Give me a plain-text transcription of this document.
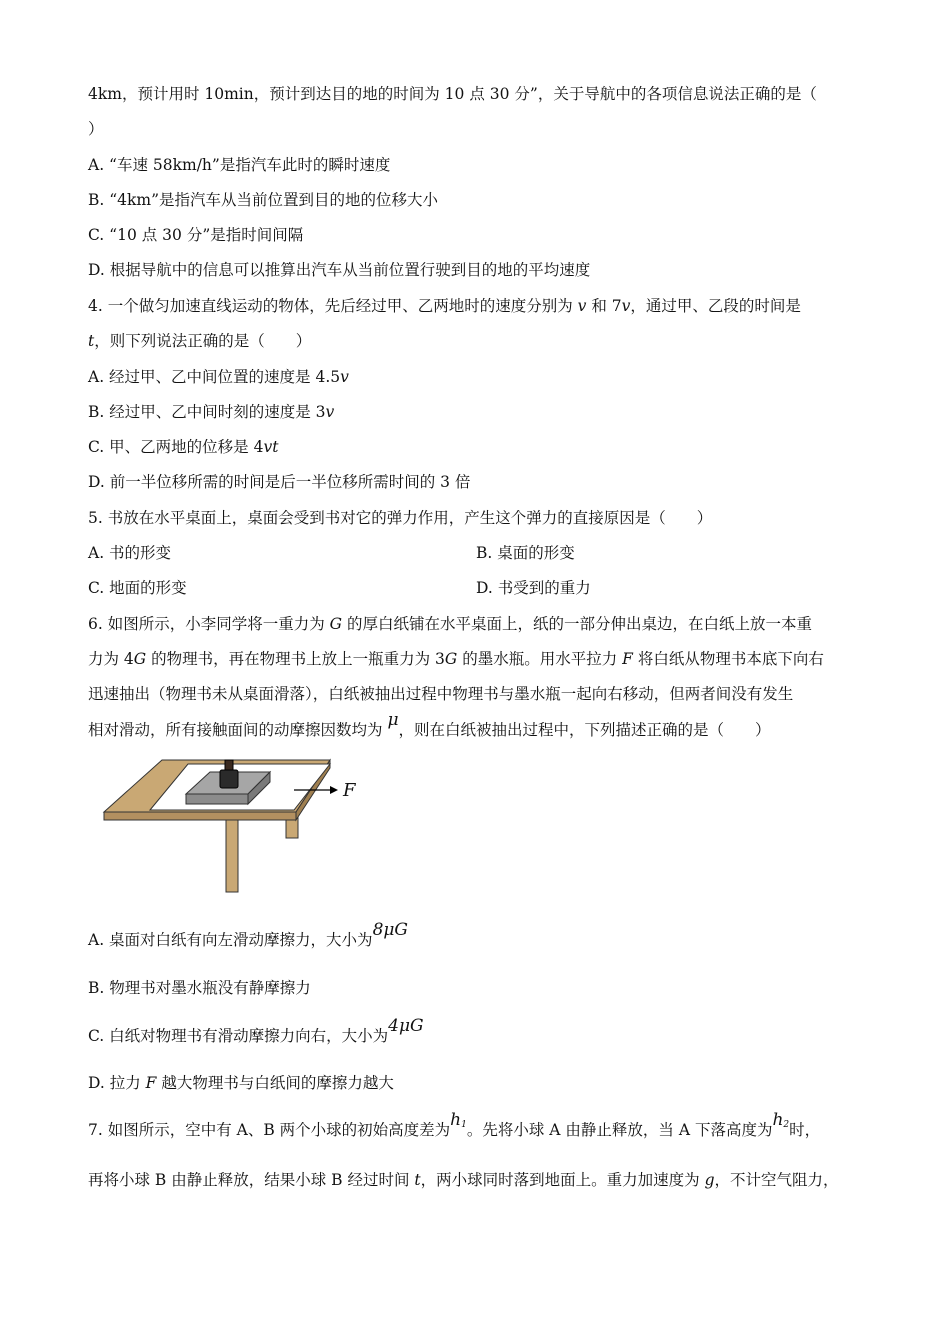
4km，预计用时 10min，预计到达目的地的时间为 10 点 30 分”，关于导航中的各项信息说法正确的是（
）
A. “车速 58km/h”是指汽车此时的瞬时速度
B. “4km”是指汽车从当前位置到目的地的位移大小
C. “10 点 30 分”是指时间间隔
D. 根据导航中的信息可以推算出汽车从当前位置行驶到目的地的平均速度
4. 一个做匀加速直线运动的物体，先后经过甲、乙两地时的速度分别为 v 和 7v，通过甲、乙段的时间是
t，则下列说法正确的是（　　）
A. 经过甲、乙中间位置的速度是 4.5v
B. 经过甲、乙中间时刻的速度是 3v
C. 甲、乙两地的位移是 4vt
D. 前一半位移所需的时间是后一半位移所需时间的 3 倍
5. 书放在水平桌面上，桌面会受到书对它的弹力作用，产生这个弹力的直接原因是（　　）
A. 书的形变	B. 桌面的形变
C. 地面的形变	D. 书受到的重力
6. 如图所示，小李同学将一重力为 G 的厚白纸铺在水平桌面上，纸的一部分伸出桌边，在白纸上放一本重
力为 4G 的物理书，再在物理书上放上一瓶重力为 3G 的墨水瓶。用水平拉力 F 将白纸从物理书本底下向右
迅速抽出（物理书未从桌面滑落），白纸被抽出过程中物理书与墨水瓶一起向右移动，但两者间没有发生
相对滑动，所有接触面间的动摩擦因数均为 μ，则在白纸被抽出过程中，下列描述正确的是（　　）
F
A. 桌面对白纸有向左滑动摩擦力，大小为8μG
B. 物理书对墨水瓶没有静摩擦力
C. 白纸对物理书有滑动摩擦力向右，大小为4μG
D. 拉力 F 越大物理书与白纸间的摩擦力越大
7. 如图所示，空中有 A、B 两个小球的初始高度差为h1。先将小球 A 由静止释放，当 A 下落高度为h2时，
再将小球 B 由静止释放，结果小球 B 经过时间 t，两小球同时落到地面上。重力加速度为 g，不计空气阻力，
